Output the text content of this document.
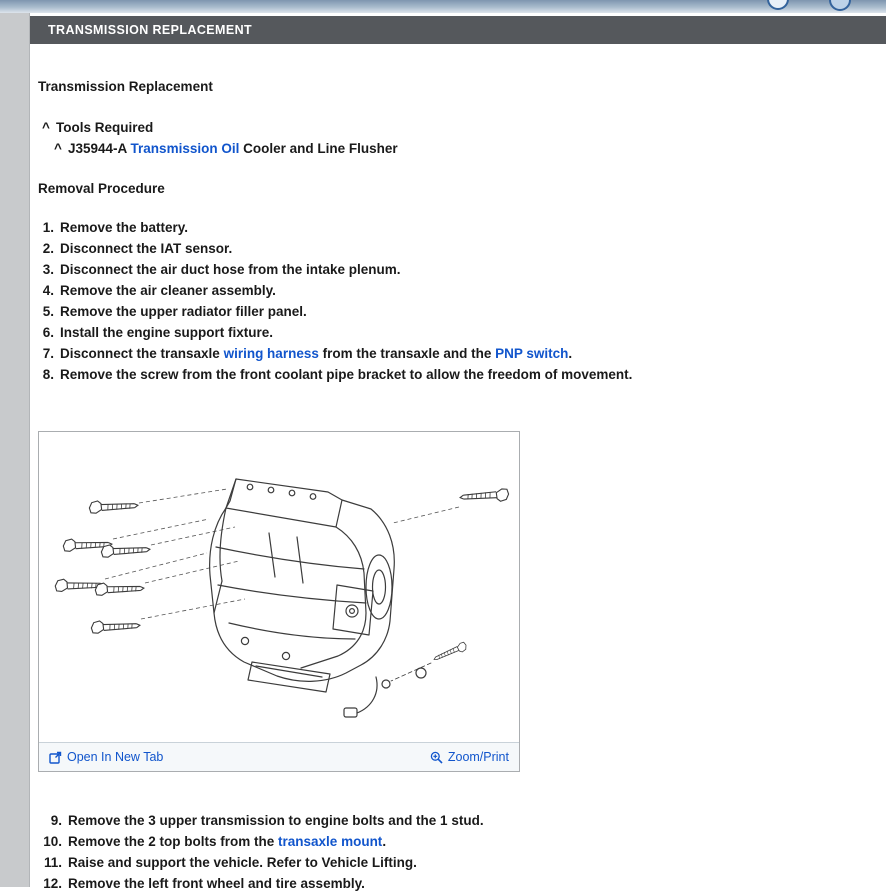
TRANSMISSION REPLACEMENT
Transmission Replacement
^ Tools Required
^ J35944-A Transmission Oil Cooler and Line Flusher
Removal Procedure
1. Remove the battery.
2. Disconnect the IAT sensor.
3. Disconnect the air duct hose from the intake plenum.
4. Remove the air cleaner assembly.
5. Remove the upper radiator filler panel.
6. Install the engine support fixture.
7. Disconnect the transaxle wiring harness from the transaxle and the PNP switch.
8. Remove the screw from the front coolant pipe bracket to allow the freedom of movement.
Open In New Tab	Zoom/Print
9. Remove the 3 upper transmission to engine bolts and the 1 stud.
10. Remove the 2 top bolts from the transaxle mount.
11. Raise and support the vehicle. Refer to Vehicle Lifting.
12. Remove the left front wheel and tire assembly.
